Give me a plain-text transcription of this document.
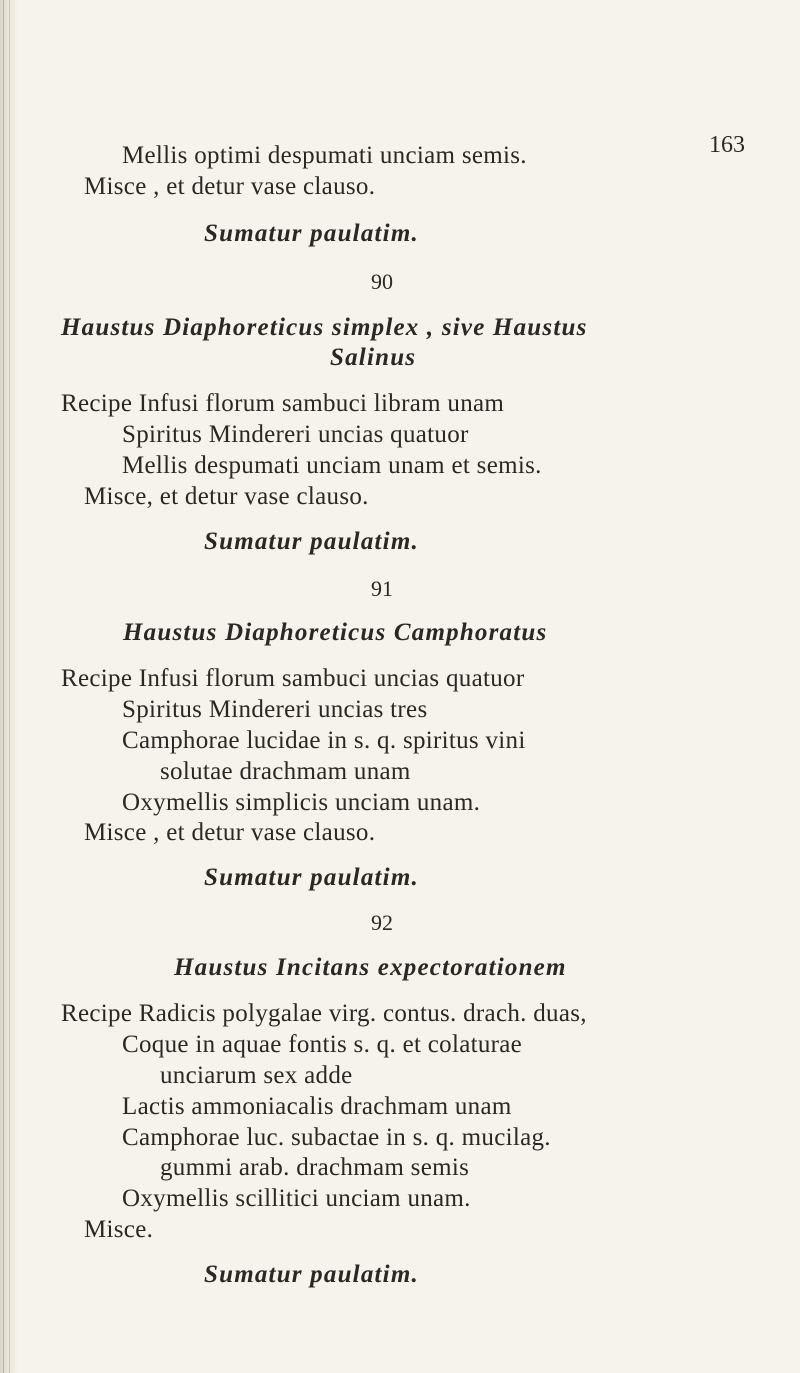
163
Mellis optimi despumati unciam semis.
Misce , et detur vase clauso.
Sumatur paulatim.
90
Haustus Diaphoreticus simplex , sive Haustus
Salinus
Recipe Infusi florum sambuci libram unam
Spiritus Mindereri uncias quatuor
Mellis despumati unciam unam et semis.
Misce, et detur vase clauso.
Sumatur paulatim.
91
Haustus Diaphoreticus Camphoratus
Recipe Infusi florum sambuci uncias quatuor
Spiritus Mindereri uncias tres
Camphorae lucidae in s. q. spiritus vini
solutae drachmam unam
Oxymellis simplicis unciam unam.
Misce , et detur vase clauso.
Sumatur paulatim.
92
Haustus Incitans expectorationem
Recipe Radicis polygalae virg. contus. drach. duas,
Coque in aquae fontis s. q. et colaturae
unciarum sex adde
Lactis ammoniacalis drachmam unam
Camphorae luc. subactae in s. q. mucilag.
gummi arab. drachmam semis
Oxymellis scillitici unciam unam.
Misce.
Sumatur paulatim.
